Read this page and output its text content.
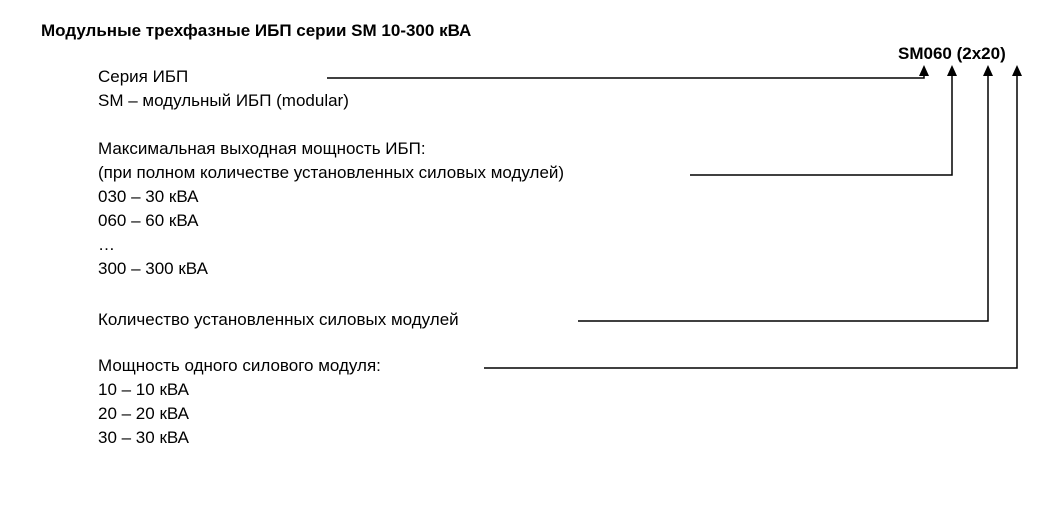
Модульные трехфазные ИБП серии SM 10-300 кВА
SM060 (2x20)
Серия ИБП
SM – модульный ИБП (modular)
Максимальная выходная мощность ИБП:
(при полном количестве установленных силовых модулей)
030 – 30 кВА
060 – 60 кВА
…
300 – 300 кВА
Количество установленных силовых модулей
Мощность одного силового модуля:
10 – 10 кВА
20 – 20 кВА
30 – 30 кВА
